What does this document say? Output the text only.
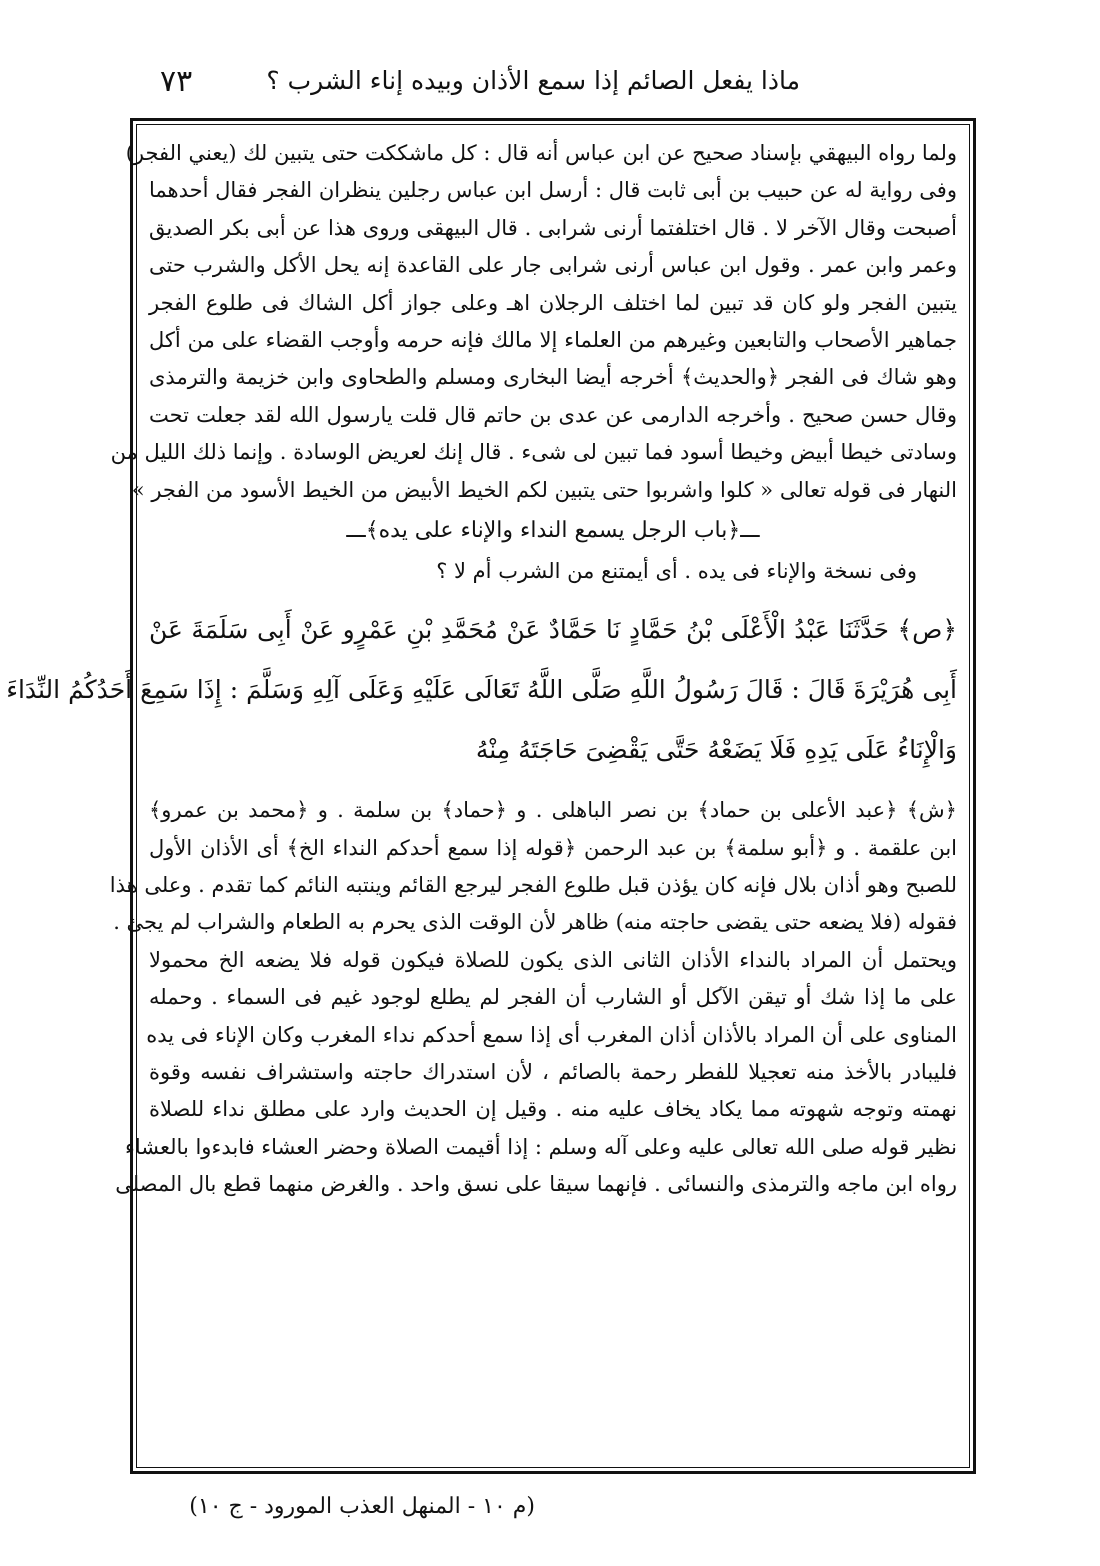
ماذا يفعل الصائم إذا سمع الأذان وبيده إناء الشرب ؟
٧٣
ولما رواه البيهقي بإسناد صحيح عن ابن عباس أنه قال : كل ماشككت حتى يتبين لك (يعني الفجر)
وفى رواية له عن حبيب بن أبى ثابت قال : أرسل ابن عباس رجلين ينظران الفجر فقال أحدهما
أصبحت وقال الآخر لا . قال اختلفتما أرنى شرابى . قال البيهقى وروى هذا عن أبى بكر الصديق
وعمر وابن عمر . وقول ابن عباس أرنى شرابى جار على القاعدة إنه يحل الأكل والشرب حتى
يتبين الفجر ولو كان قد تبين لما اختلف الرجلان اهـ وعلى جواز أكل الشاك فى طلوع الفجر
جماهير الأصحاب والتابعين وغيرهم من العلماء إلا مالك فإنه حرمه وأوجب القضاء على من أكل
وهو شاك فى الفجر ﴿والحديث﴾ أخرجه أيضا البخارى ومسلم والطحاوى وابن خزيمة والترمذى
وقال حسن صحيح . وأخرجه الدارمى عن عدى بن حاتم قال قلت يارسول الله لقد جعلت تحت
وسادتى خيطا أبيض وخيطا أسود فما تبين لى شىء . قال إنك لعريض الوسادة . وإنما ذلك الليل من
النهار فى قوله تعالى « كلوا واشربوا حتى يتبين لكم الخيط الأبيض من الخيط الأسود من الفجر »
ـــ﴿باب الرجل يسمع النداء والإناء على يده﴾ـــ
وفى نسخة والإناء فى يده . أى أيمتنع من الشرب أم لا ؟
﴿ص﴾ حَدَّثَنَا عَبْدُ الْأَعْلَى بْنُ حَمَّادٍ نَا حَمَّادٌ عَنْ مُحَمَّدِ بْنِ عَمْرٍو عَنْ أَبِى سَلَمَةَ عَنْ
أَبِى هُرَيْرَةَ قَالَ : قَالَ رَسُولُ اللَّهِ صَلَّى اللَّهُ تَعَالَى عَلَيْهِ وَعَلَى آلِهِ وَسَلَّمَ : إِذَا سَمِعَ أَحَدُكُمُ النِّدَاءَ
وَالْإِنَاءُ عَلَى يَدِهِ فَلَا يَضَعْهُ حَتَّى يَقْضِىَ حَاجَتَهُ مِنْهُ
﴿ش﴾ ﴿عبد الأعلى بن حماد﴾ بن نصر الباهلى . و ﴿حماد﴾ بن سلمة . و ﴿محمد بن عمرو﴾
ابن علقمة . و ﴿أبو سلمة﴾ بن عبد الرحمن ﴿قوله إذا سمع أحدكم النداء الخ﴾ أى الأذان الأول
للصبح وهو أذان بلال فإنه كان يؤذن قبل طلوع الفجر ليرجع القائم وينتبه النائم كما تقدم . وعلى هذا
فقوله (فلا يضعه حتى يقضى حاجته منه) ظاهر لأن الوقت الذى يحرم به الطعام والشراب لم يجئ .
ويحتمل أن المراد بالنداء الأذان الثانى الذى يكون للصلاة فيكون قوله فلا يضعه الخ محمولا
على ما إذا شك أو تيقن الآكل أو الشارب أن الفجر لم يطلع لوجود غيم فى السماء . وحمله
المناوى على أن المراد بالأذان أذان المغرب أى إذا سمع أحدكم نداء المغرب وكان الإناء فى يده
فليبادر بالأخذ منه تعجيلا للفطر رحمة بالصائم ، لأن استدراك حاجته واستشراف نفسه وقوة
نهمته وتوجه شهوته مما يكاد يخاف عليه منه . وقيل إن الحديث وارد على مطلق نداء للصلاة
نظير قوله صلى الله تعالى عليه وعلى آله وسلم : إذا أقيمت الصلاة وحضر العشاء فابدءوا بالعشاء
رواه ابن ماجه والترمذى والنسائى . فإنهما سيقا على نسق واحد . والغرض منهما قطع بال المصلى
(م ١٠ - المنهل العذب المورود - ج ١٠)
